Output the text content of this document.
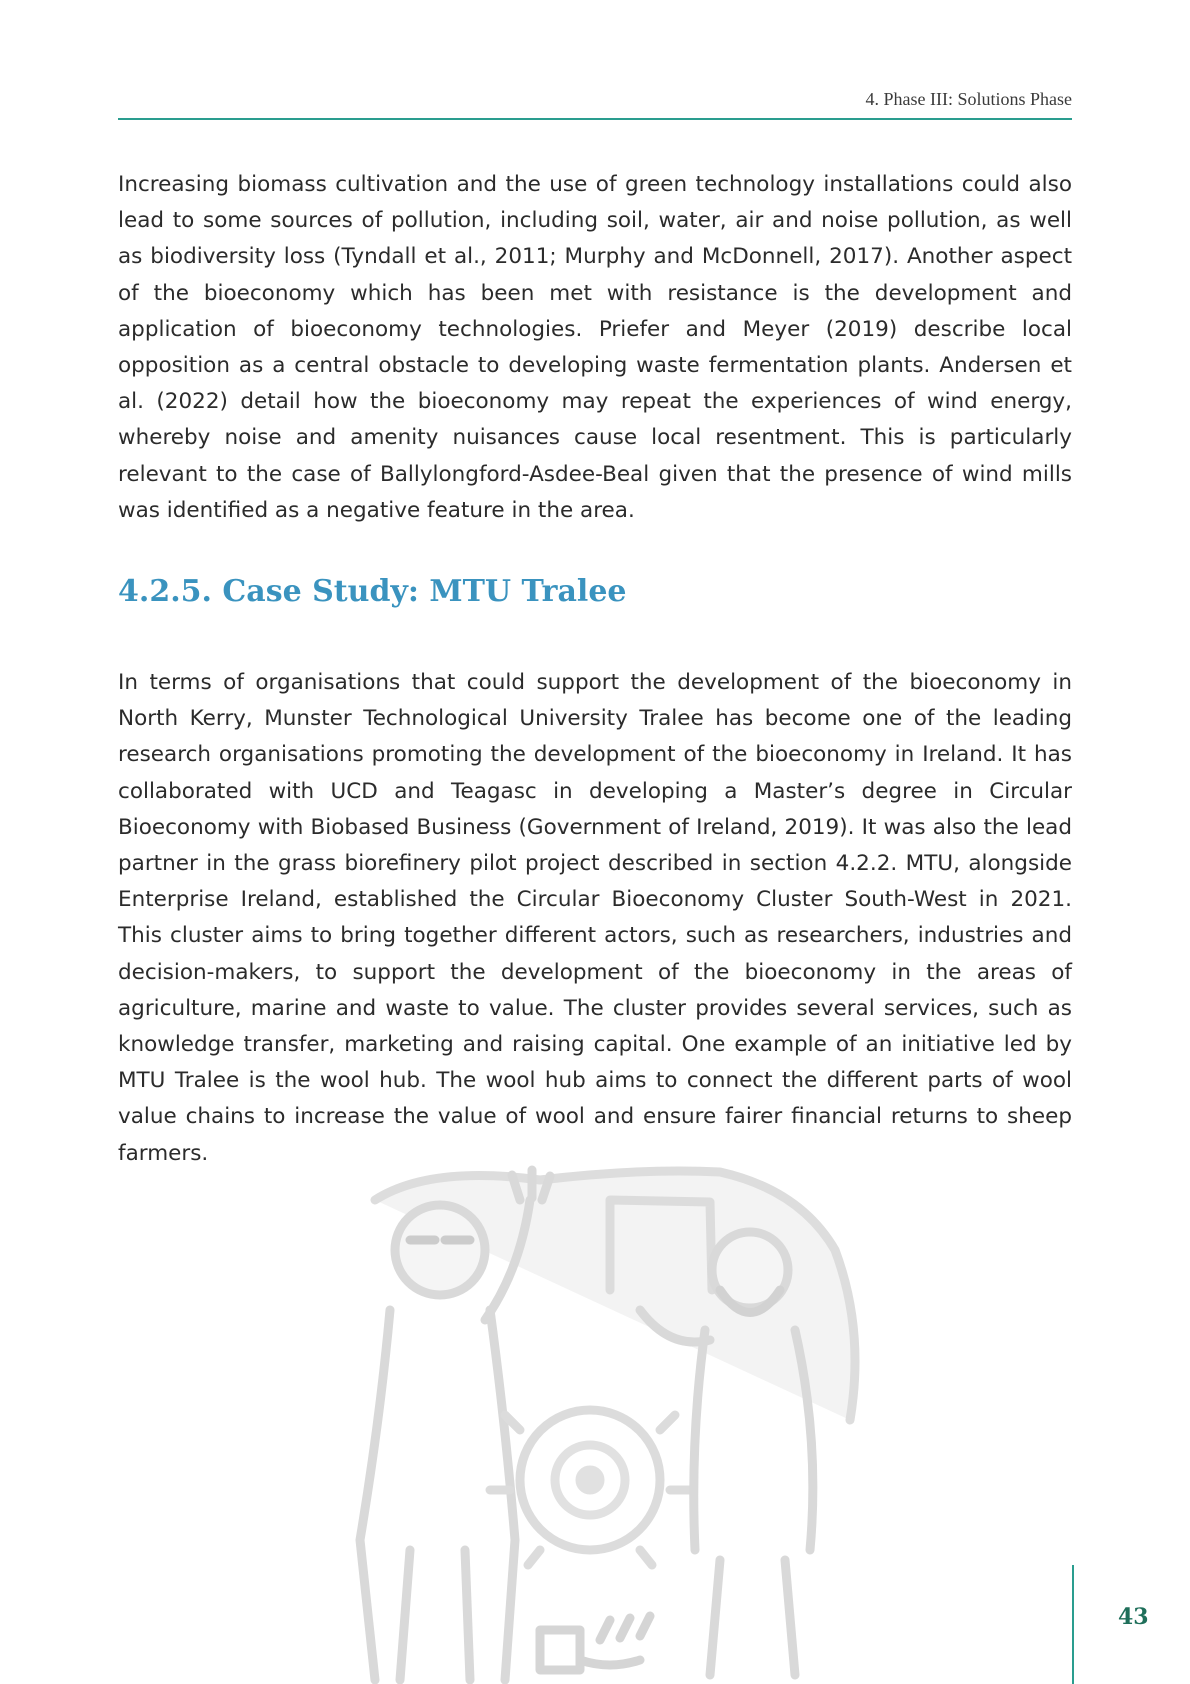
4. Phase III: Solutions Phase

Increasing biomass cultivation and the use of green technology installations could also lead to some sources of pollution, including soil, water, air and noise pollution, as well as biodiversity loss (Tyndall et al., 2011; Murphy and McDonnell, 2017). Another aspect of the bioeconomy which has been met with resistance is the development and application of bioeconomy technologies. Priefer and Meyer (2019) describe local opposition as a central obstacle to developing waste fermentation plants. Andersen et al. (2022) detail how the bioeconomy may repeat the experiences of wind energy, whereby noise and amenity nuisances cause local resentment. This is particularly relevant to the case of Ballylongford-Asdee-Beal given that the presence of wind mills was identified as a negative feature in the area.

4.2.5. Case Study: MTU Tralee

In terms of organisations that could support the development of the bioeconomy in North Kerry, Munster Technological University Tralee has become one of the leading research organisations promoting the development of the bioeconomy in Ireland. It has collaborated with UCD and Teagasc in developing a Master’s degree in Circular Bioeconomy with Biobased Business (Government of Ireland, 2019). It was also the lead partner in the grass biorefinery pilot project described in section 4.2.2. MTU, alongside Enterprise Ireland, established the Circular Bioeconomy Cluster South-West in 2021. This cluster aims to bring together different actors, such as researchers, industries and decision-makers, to support the development of the bioeconomy in the areas of agriculture, marine and waste to value. The cluster provides several services, such as knowledge transfer, marketing and raising capital. One example of an initiative led by MTU Tralee is the wool hub. The wool hub aims to connect the different parts of wool value chains to increase the value of wool and ensure fairer financial returns to sheep farmers.

43
